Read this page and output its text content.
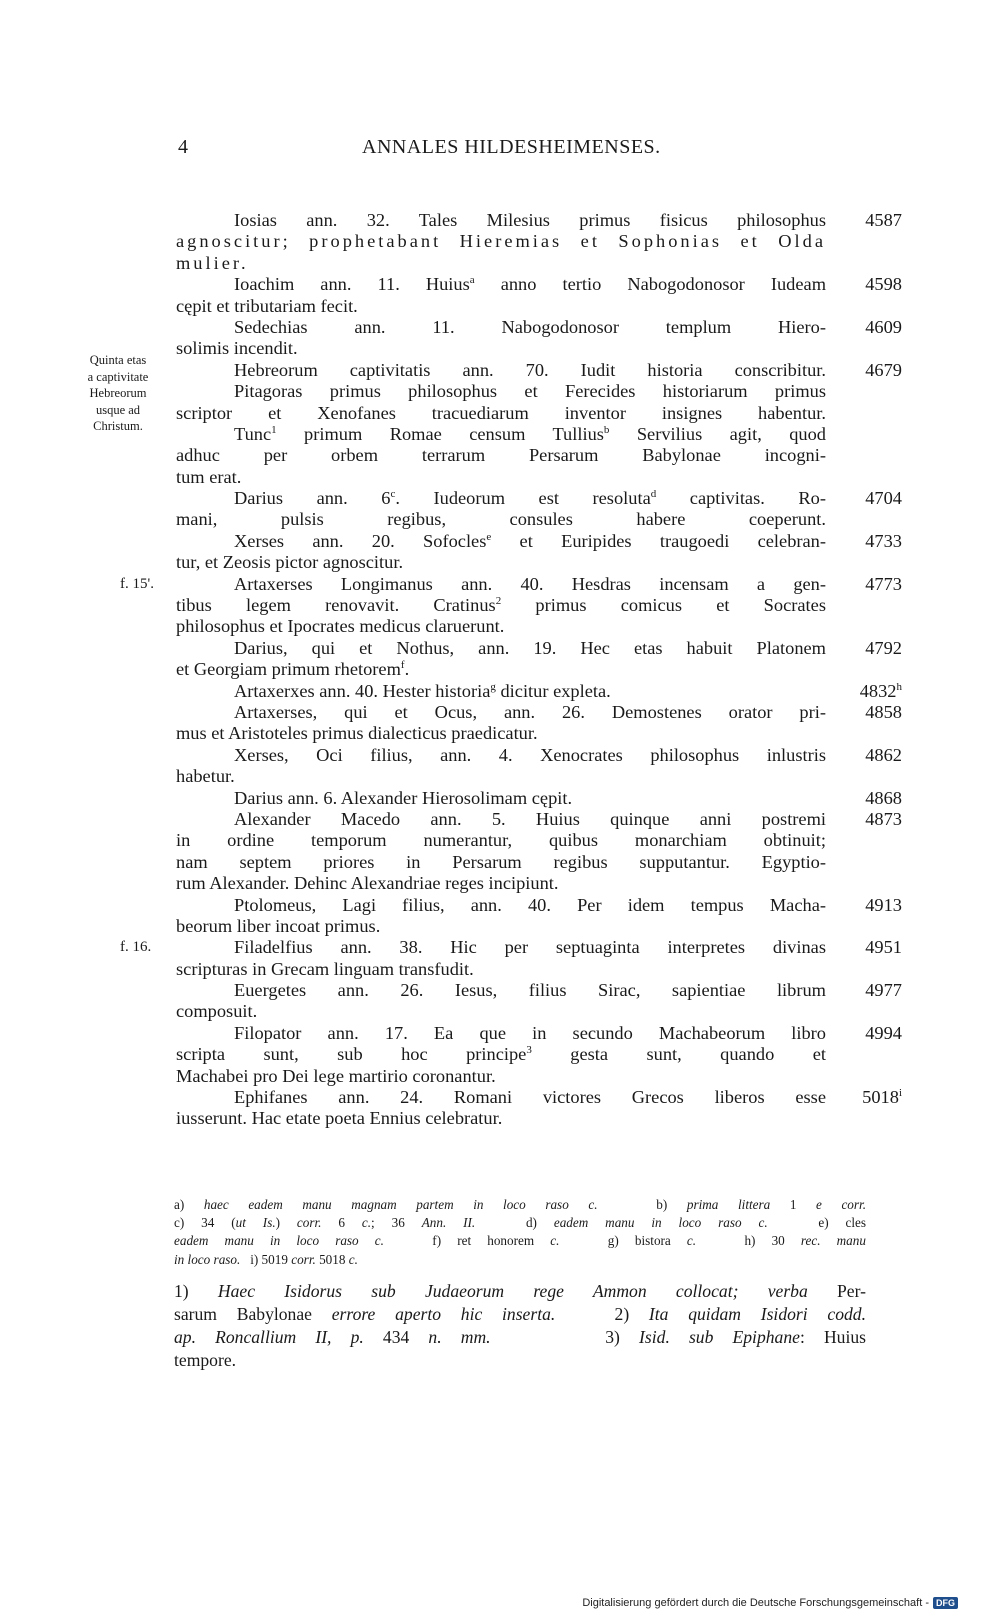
4	ANNALES HILDESHEIMENSES.
Quinta etas
a captivitate
Hebreorum
usque ad
Christum.
Iosias ann. 32. Tales Milesius primus fisicus philosophus 4587
agnoscitur; prophetabant Hieremias et Sophonias et Olda
mulier.
Ioachim ann. 11. Huius$^a$ anno tertio Nabogodonosor Iudeam 4598
cępit et tributariam fecit.
Sedechias ann. 11. Nabogodonosor templum Hiero- 4609
solimis incendit.
Hebreorum captivitatis ann. 70. Iudit historia conscribitur. 4679
Pitagoras primus philosophus et Ferecides historiarum primus
scriptor et Xenofanes tracuediarum inventor insignes habentur.
Tunc$^1$ primum Romae censum Tullius$^b$ Servilius agit, quod
adhuc per orbem terrarum Persarum Babylonae incogni-
tum erat.
Darius ann. 6$^c$. Iudeorum est resoluta$^d$ captivitas. Ro- 4704
mani, pulsis regibus, consules habere coeperunt.
Xerses ann. 20. Sofocles$^e$ et Euripides traugoedi celebran- 4733
tur, et Zeosis pictor agnoscitur.
Artaxerses Longimanus ann. 40. Hesdras incensam a gen- 4773
f. 15'.
tibus legem renovavit. Cratinus$^2$ primus comicus et Socrates
philosophus et Ipocrates medicus claruerunt.
Darius, qui et Nothus, ann. 19. Hec etas habuit Platonem 4792
et Georgiam primum rhetorem$^f$.
Artaxerxes ann. 40. Hester historia$^g$ dicitur expleta.	4832$^h$
Artaxerses, qui et Ocus, ann. 26. Demostenes orator pri- 4858
mus et Aristoteles primus dialecticus praedicatur.
Xerses, Oci filius, ann. 4. Xenocrates philosophus inlustris 4862
habetur.
Darius ann. 6. Alexander Hierosolimam cępit.	4868
Alexander Macedo ann. 5. Huius quinque anni postremi 4873
in ordine temporum numerantur, quibus monarchiam obtinuit;
nam septem priores in Persarum regibus supputantur. Egyptio-
rum Alexander. Dehinc Alexandriae reges incipiunt.
Ptolomeus, Lagi filius, ann. 40. Per idem tempus Macha- 4913
beorum liber incoat primus.
Filadelfius ann. 38. Hic per septuaginta interpretes divinas 4951
f. 16.
scripturas in Grecam linguam transfudit.
Euergetes ann. 26. Iesus, filius Sirac, sapientiae librum 4977
composuit.
Filopator ann. 17. Ea que in secundo Machabeorum libro 4994
scripta sunt, sub hoc principe$^3$ gesta sunt, quando et
Machabei pro Dei lege martirio coronantur.
Ephifanes ann. 24. Romani victores Grecos liberos esse 5018$^i$
iusserunt. Hac etate poeta Ennius celebratur.
a) haec eadem manu magnam partem in loco raso c.   b) prima littera 1 e corr.
c) 34 (ut Is.) corr. 6 c.; 36 Ann. II.   d) eadem manu in loco raso c.   e) cles
eadem manu in loco raso c.   f) ret honorem c.   g) bistora c.   h) 30 rec. manu
in loco raso.   i) 5019 corr. 5018 c.
1) Haec Isidorus sub Judaeorum rege Ammon collocat; verba Per-
sarum Babylonae errore aperto hic inserta.   2) Ita quidam Isidori codd.
ap. Roncallium II, p. 434 n. mm.      3) Isid. sub Epiphane: Huius
tempore.
Digitalisierung gefördert durch die Deutsche Forschungsgemeinschaft - DFG
